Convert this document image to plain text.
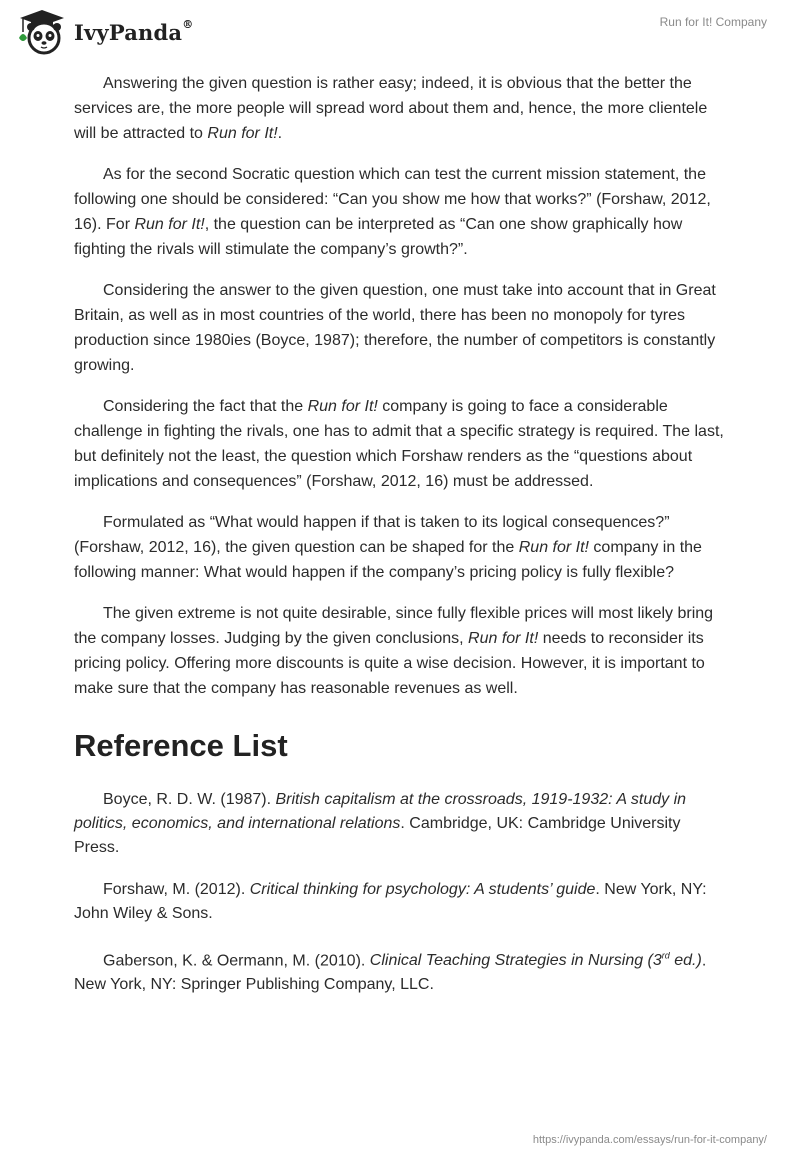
IvyPanda®	Run for It! Company

Answering the given question is rather easy; indeed, it is obvious that the better the services are, the more people will spread word about them and, hence, the more clientele will be attracted to Run for It!.

As for the second Socratic question which can test the current mission statement, the following one should be considered: “Can you show me how that works?” (Forshaw, 2012, 16). For Run for It!, the question can be interpreted as “Can one show graphically how fighting the rivals will stimulate the company’s growth?”.

Considering the answer to the given question, one must take into account that in Great Britain, as well as in most countries of the world, there has been no monopoly for tyres production since 1980ies (Boyce, 1987); therefore, the number of competitors is constantly growing.

Considering the fact that the Run for It! company is going to face a considerable challenge in fighting the rivals, one has to admit that a specific strategy is required. The last, but definitely not the least, the question which Forshaw renders as the “questions about implications and consequences” (Forshaw, 2012, 16) must be addressed.

Formulated as “What would happen if that is taken to its logical consequences?” (Forshaw, 2012, 16), the given question can be shaped for the Run for It! company in the following manner: What would happen if the company’s pricing policy is fully flexible?

The given extreme is not quite desirable, since fully flexible prices will most likely bring the company losses. Judging by the given conclusions, Run for It! needs to reconsider its pricing policy. Offering more discounts is quite a wise decision. However, it is important to make sure that the company has reasonable revenues as well.

Reference List

Boyce, R. D. W. (1987). British capitalism at the crossroads, 1919-1932: A study in politics, economics, and international relations. Cambridge, UK: Cambridge University Press.

Forshaw, M. (2012). Critical thinking for psychology: A students’ guide. New York, NY: John Wiley & Sons.

Gaberson, K. & Oermann, M. (2010). Clinical Teaching Strategies in Nursing (3rd ed.). New York, NY: Springer Publishing Company, LLC.

https://ivypanda.com/essays/run-for-it-company/
